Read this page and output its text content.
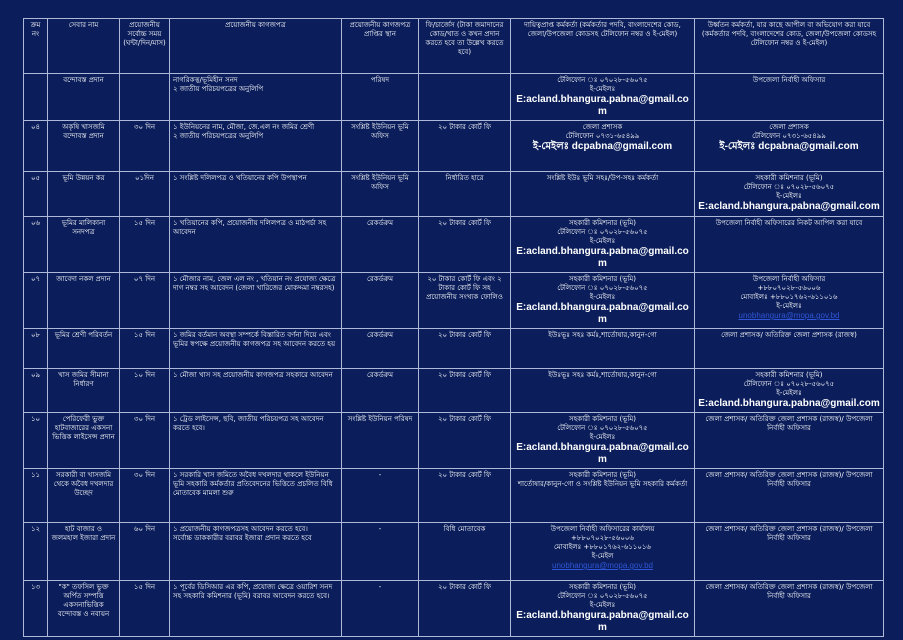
ক্রম নং	সেবার নাম	প্রয়োজনীয় সর্বোচ্চ সময় (ঘন্টা/দিন/মাস)	প্রয়োজনীয় কাগজপত্র	প্রয়োজনীয় কাগজপত্র প্রাপ্তির স্থান	ফি/চার্জেস (টাকা জমাদানের কোড/খাত ও কখন প্রদান করতে হবে তা উল্লেখ করতে হবে)	দায়িত্বপ্রাপ্ত কর্মকর্তা (কর্মকর্তার পদবি, বাংলাদেশের কোড, জেলা/উপজেলা কোডসহ টেলিফোন নম্বর ও ই-মেইল)	উর্ধ্বতন কর্মকর্তা, যার কাছে আপীল বা অভিযোগ করা যাবে (কর্মকর্তার পদবি, বাংলাদেশের কোড, জেলা/উপজেলা কোডসহ টেলিফোন নম্বর ও ই-মেইল)

	বন্দোবস্ত প্রদান		নাগরিকত্ব/ভূমিহীন সনদ
২ জাতীয় পরিচয়পত্রের অনুলিপি	পরিষদ		টেলিফোন ঃ ০৭০২৮-৫৬০৭৫
ই-মেইলঃ
E:acland.bhangura.pabna@gmail.com	উপজেলা নির্বাহী অফিসার

০৪	অকৃষি খাসজমি বন্দোবস্ত প্রদান	৩০ দিন	১ ইউনিয়নের নাম, মৌজা, জে.এল নং জমির শ্রেণী
২ জাতীয় পরিচয়পত্রের অনুলিপি	সংশ্লিষ্ট ইউনিয়ন ভূমি অফিস	২০ টাকার কোর্ট ফি	জেলা প্রশাসক
টেলিফোন ০৭৩১-৬৫৪৯৯
ই-মেইলঃ dcpabna@gmail.com	জেলা প্রশাসক
টেলিফোন ০৭৩১-৬৫৪৯৯
ই-মেইলঃ dcpabna@gmail.com

০৫	ভূমি উন্নয়ন কর	০১দিন	১ সংশ্লিষ্ট দলিলপত্র ও খতিয়ানের কপি উপস্থাপন	সংশ্লিষ্ট ইউনিয়ন ভূমি অফিস	নির্ধারিত হারে	সংশ্লিষ্ট ইউঃ ভূমি সহঃ/উপ-সহঃ কর্মকর্তা	সহকারী কমিশনার (ভূমি)
টেলিফোন ঃ ০৭০২৮-৫৬০৭৫
ই-মেইলঃ
E:acland.bhangura.pabna@gmail.com

০৬	ভূমির মালিকানা সনদপত্র	১৫ দিন	১ খতিয়ানের কপি, প্রয়োজনীয় দলিলপত্র ও মাঠপর্চা সহ আবেদন	রেকর্ডরুম	২০ টাকার কোর্ট ফি	সহকারী কমিশনার (ভূমি)
টেলিফোন ঃ ০৭০২৮-৫৬০৭৫
ই-মেইলঃ
E:acland.bhangura.pabna@gmail.com	উপজেলা নির্বাহী অফিসারের নিকট আপিল করা যাবে

০৭	জাবেদা নকল প্রদান	০৭ দিন	১ মৌজার নাম, জেল এল নং , খতিয়ান নং প্রযোজ্য ক্ষেত্রে দাগ নম্বর সহ আবেদন (জেলা খারিজের মোকদ্দমা নম্বরসহ)	রেকর্ডরুম	২০ টাকার কোর্ট ফি এবং ২ টাকার কোর্ট ফি সহ প্রয়োজনীয় সংখ্যক ফোলিও	সহকারী কমিশনার (ভূমি)
টেলিফোন ঃ ০৭০২৮-৫৬০৭৫
ই-মেইলঃ
E:acland.bhangura.pabna@gmail.com	উপজেলা নির্বাহী অফিসার
+৮৮০৭০২৮-৫৬০০৬
মোবাইলঃ +৮৮০১৭৬২-৬১১০১৬
ই-মেইলঃ
unobhangura@mopa.gov.bd

০৮	ভূমির শ্রেণী পরিবর্তন	১৫ দিন	১ জমির বর্তমান অবস্থা সম্পর্কে বিস্তারিত বর্ণনা দিয়ে এবং ভূমির স্বপক্ষে প্রয়োজনীয় কাগজপত্র সহ আবেদন করতে হয়	রেকর্ডরুম	২০ টাকার কোর্ট ফি	ইউঃভূঃ সহঃ কর্মঃ,শার্তোষার,কানুন-গো	জেলা প্রশাসক/ অতিরিক্ত জেলা প্রশাসক (রাজস্ব)

০৯	খাস জমির সীমানা নির্ধারণ	১০ দিন	১ মৌজা খাস সহ প্রয়োজনীয় কাগজপত্র সহকারে আবেদন	রেকর্ডরুম	২০ টাকার কোর্ট ফি	ইউঃভূঃ সহঃ কর্মঃ,শার্তোষার,কানুন-গো	সহকারী কমিশনার (ভূমি)
টেলিফোন ঃ ০৭০২৮-৫৬০৭৫
ই-মেইলঃ
E:acland.bhangura.pabna@gmail.com

১০	পেরিফেরী ভুক্ত হাটবাজারের একসনা ভিত্তিক লাইসেন্স প্রদান	৩০ দিন	১ ট্রেড লাইসেন্স, ছবি, জাতীয় পরিচয়পত্র সহ আবেদন করতে হবে।	সংশ্লিষ্ট ইউনিয়ন পরিষদ	২০ টাকার কোর্ট ফি	সহকারী কমিশনার (ভূমি)
টেলিফোন ঃ ০৭০২৮-৫৬০৭৫
ই-মেইলঃ
E:acland.bhangura.pabna@gmail.com	জেলা প্রশাসক/ অতিরিক্ত জেলা প্রশাসক (রাজস্ব)/ উপজেলা নির্বাহী অফিসার

১১	সরকারী বা খাসজমি থেকে অবৈধ দখলদার উচ্ছেদ	৩০ দিন	১ সরকারি খাস জমিতে অবৈধ দখলদার থাকলে ইউনিয়ন ভূমি সহকারি কর্মকর্তার প্রতিবেদনের ভিত্তিতে প্রচলিত বিধি মোতাবেক মামলা শুরু	-	২০ টাকার কোর্ট ফি	সহকারী কমিশনার (ভূমি)
শার্তোষার/কানুন-গো ও সংশ্লিষ্ট ইউনিয়ন ভূমি সহকারি কর্মকর্তা	জেলা প্রশাসক/ অতিরিক্ত জেলা প্রশাসক (রাজস্ব)/ উপজেলা নির্বাহী অফিসার

১২	হাট বাজার ও জলমহাল ইজারা প্রদান	৬০ দিন	১ প্রয়োজনীয় কাগজপত্রসহ আবেদন করতে হবে।
সর্বোচ্চ ডাককারীর বরাবর ইজারা প্রদান করতে হবে	-	বিধি মোতাবেক	উপজেলা নির্বাহী অফিসারের কার্যালয়
+৮৮০৭০২৮-৫৬০০৬
মোবাইলঃ +৮৮০১৭৬২-৬১১০১৬
ই-মেইল
unobhangura@mopa.gov.bd	জেলা প্রশাসক/ অতিরিক্ত জেলা প্রশাসক (রাজস্ব)/ উপজেলা নির্বাহী অফিসার

১৩	"ক" তফসিল ভুক্ত অর্পিত সম্পত্তি একসনাভিত্তিক বন্দোবস্ত ও নবায়ন	১৫ দিন	১ পূর্বের ডিসিআর এর কপি, প্রযোজ্য ক্ষেত্রে ওয়ারিশ সনদ সহ সহকারি কমিশনার (ভূমি) বরাবর আবেদন করতে হবে।	-	২০ টাকার কোর্ট ফি	সহকারী কমিশনার (ভূমি)
টেলিফোন ঃ ০৭০২৮-৫৬০৭৫
ই-মেইলঃ
E:acland.bhangura.pabna@gmail.com	জেলা প্রশাসক/ অতিরিক্ত জেলা প্রশাসক (রাজস্ব)/ উপজেলা নির্বাহী অফিসার
